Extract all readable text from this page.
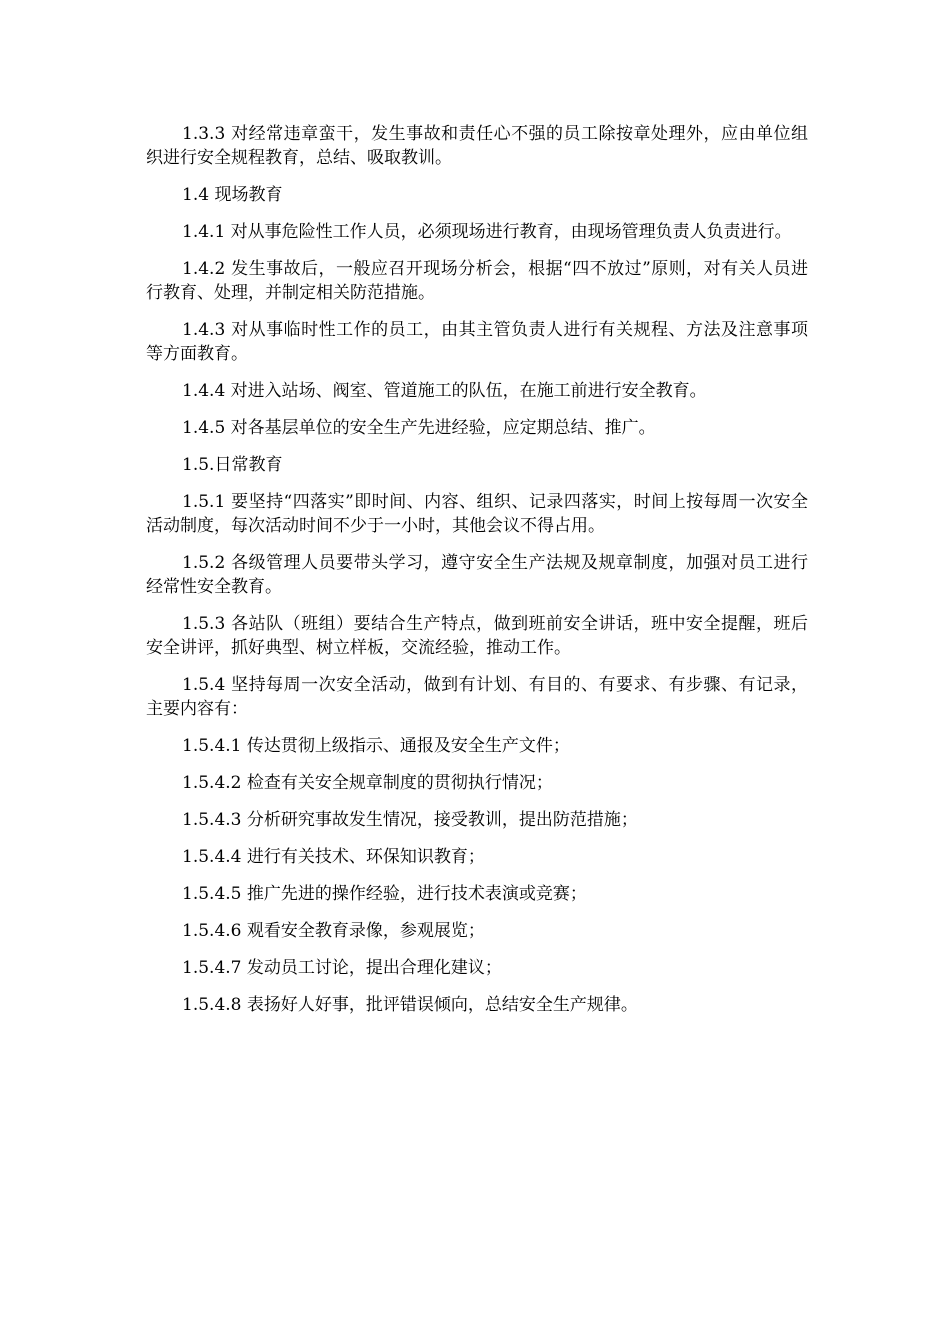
1.3.3 对经常违章蛮干，发生事故和责任心不强的员工除按章处理外，应由单位组织进行安全规程教育，总结、吸取教训。

1.4 现场教育

1.4.1 对从事危险性工作人员，必须现场进行教育，由现场管理负责人负责进行。

1.4.2 发生事故后，一般应召开现场分析会，根据“四不放过”原则，对有关人员进行教育、处理，并制定相关防范措施。

1.4.3 对从事临时性工作的员工，由其主管负责人进行有关规程、方法及注意事项等方面教育。

1.4.4 对进入站场、阀室、管道施工的队伍，在施工前进行安全教育。

1.4.5 对各基层单位的安全生产先进经验，应定期总结、推广。

1.5.日常教育

1.5.1 要坚持“四落实”即时间、内容、组织、记录四落实，时间上按每周一次安全活动制度，每次活动时间不少于一小时，其他会议不得占用。

1.5.2 各级管理人员要带头学习，遵守安全生产法规及规章制度，加强对员工进行经常性安全教育。

1.5.3 各站队（班组）要结合生产特点，做到班前安全讲话，班中安全提醒，班后安全讲评，抓好典型、树立样板，交流经验，推动工作。

1.5.4 坚持每周一次安全活动，做到有计划、有目的、有要求、有步骤、有记录，主要内容有：

1.5.4.1 传达贯彻上级指示、通报及安全生产文件；

1.5.4.2 检查有关安全规章制度的贯彻执行情况；

1.5.4.3 分析研究事故发生情况，接受教训，提出防范措施；

1.5.4.4 进行有关技术、环保知识教育；

1.5.4.5 推广先进的操作经验，进行技术表演或竞赛；

1.5.4.6 观看安全教育录像，参观展览；

1.5.4.7 发动员工讨论，提出合理化建议；

1.5.4.8 表扬好人好事，批评错误倾向，总结安全生产规律。
